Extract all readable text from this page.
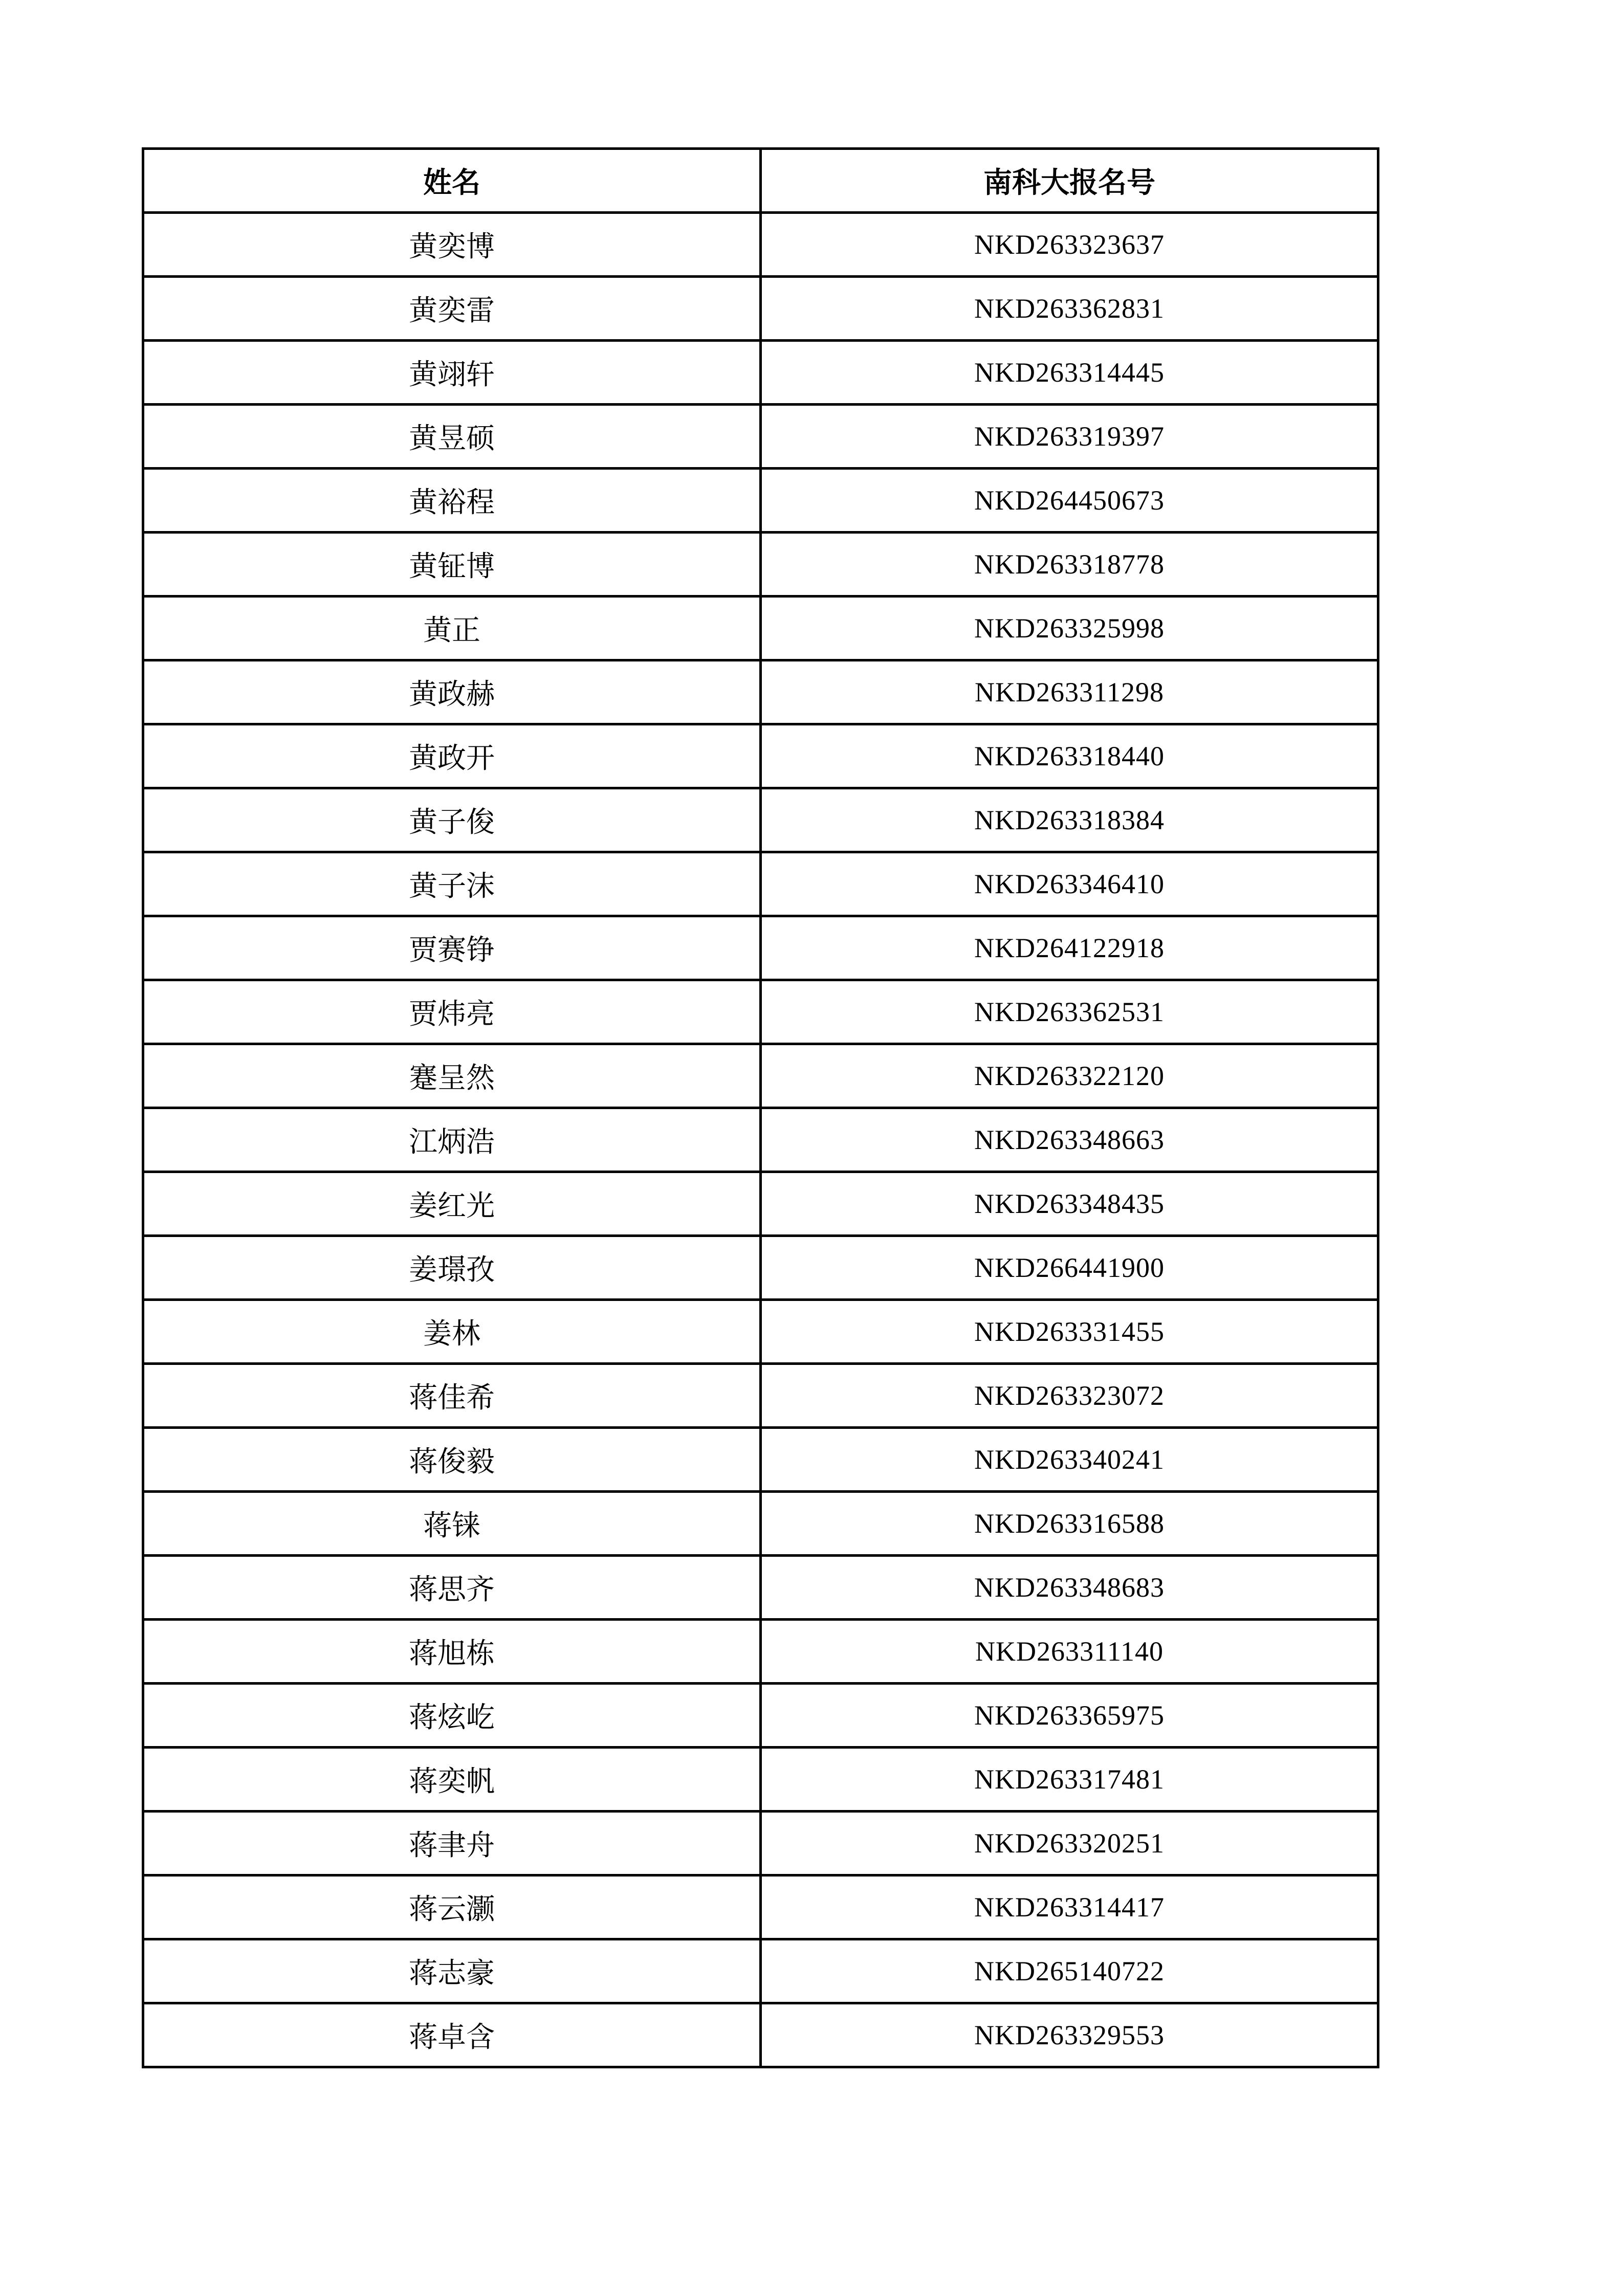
姓名	南科大报名号
黄奕博	NKD263323637
黄奕雷	NKD263362831
黄翊轩	NKD263314445
黄昱硕	NKD263319397
黄裕程	NKD264450673
黄钲博	NKD263318778
黄正	NKD263325998
黄政赫	NKD263311298
黄政开	NKD263318440
黄子俊	NKD263318384
黄子沫	NKD263346410
贾赛铮	NKD264122918
贾炜亮	NKD263362531
蹇呈然	NKD263322120
江炳浩	NKD263348663
姜红光	NKD263348435
姜璟孜	NKD266441900
姜林	NKD263331455
蒋佳希	NKD263323072
蒋俊毅	NKD263340241
蒋铼	NKD263316588
蒋思齐	NKD263348683
蒋旭栋	NKD263311140
蒋炫屹	NKD263365975
蒋奕帆	NKD263317481
蒋聿舟	NKD263320251
蒋云灏	NKD263314417
蒋志豪	NKD265140722
蒋卓含	NKD263329553
